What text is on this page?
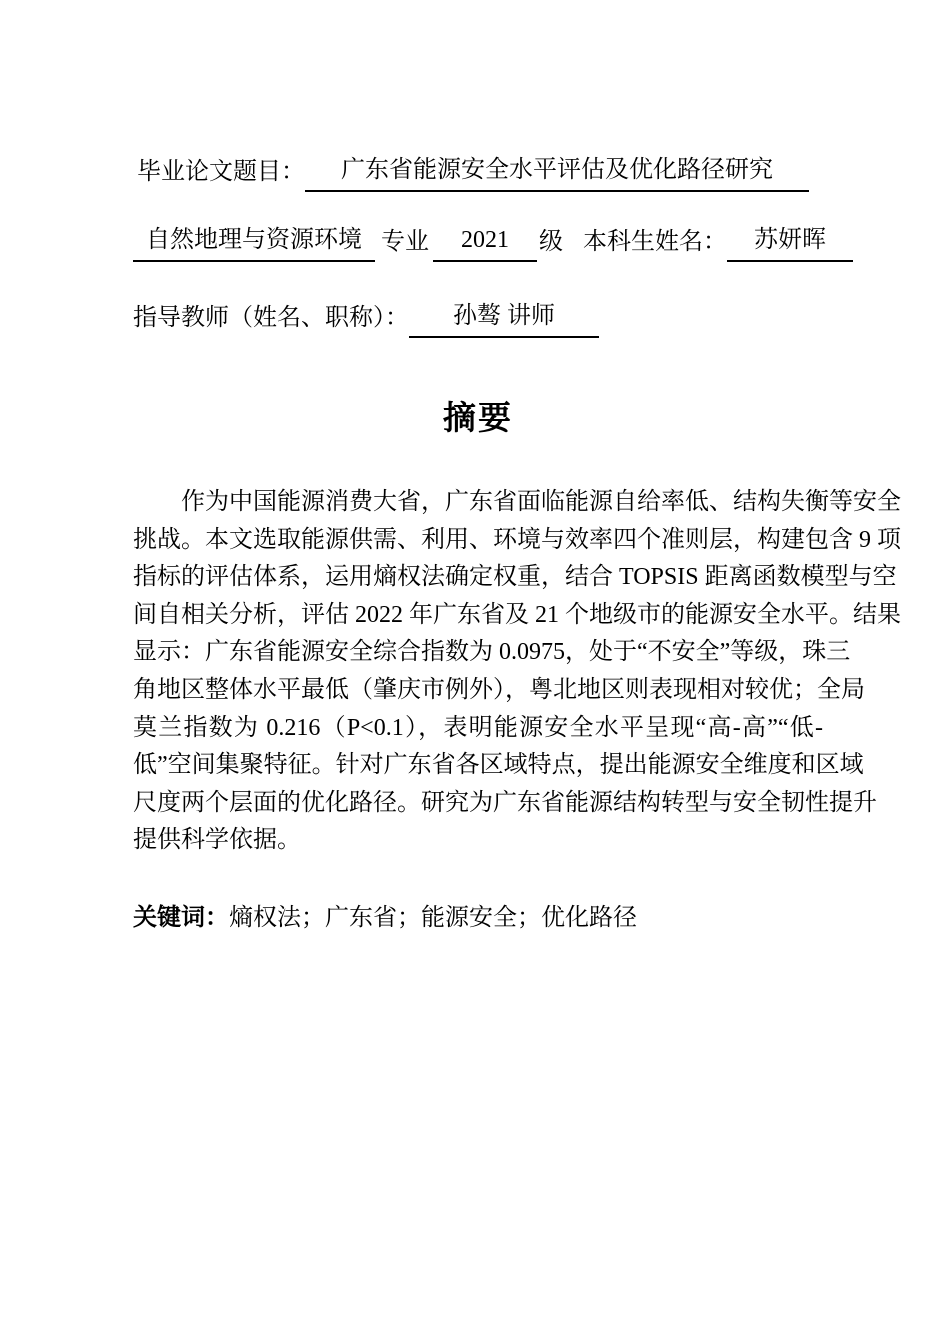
毕业论文题目：	广东省能源安全水平评估及优化路径研究
自然地理与资源环境 专业	2021	级 本科生姓名：	苏妍晖
指导教师（姓名、职称）：	孙骜 讲师
摘要
作为中国能源消费大省，广东省面临能源自给率低、结构失衡等安全
挑战。本文选取能源供需、利用、环境与效率四个准则层，构建包含 9 项
指标的评估体系，运用熵权法确定权重，结合 TOPSIS 距离函数模型与空
间自相关分析，评估 2022 年广东省及 21 个地级市的能源安全水平。结果
显示：广东省能源安全综合指数为 0.0975，处于“不安全”等级，珠三
角地区整体水平最低（肇庆市例外），粤北地区则表现相对较优；全局
莫兰指数为 0.216（P<0.1），表明能源安全水平呈现“高-高”“低-
低”空间集聚特征。针对广东省各区域特点，提出能源安全维度和区域
尺度两个层面的优化路径。研究为广东省能源结构转型与安全韧性提升
提供科学依据。
关键词：熵权法；广东省；能源安全；优化路径
